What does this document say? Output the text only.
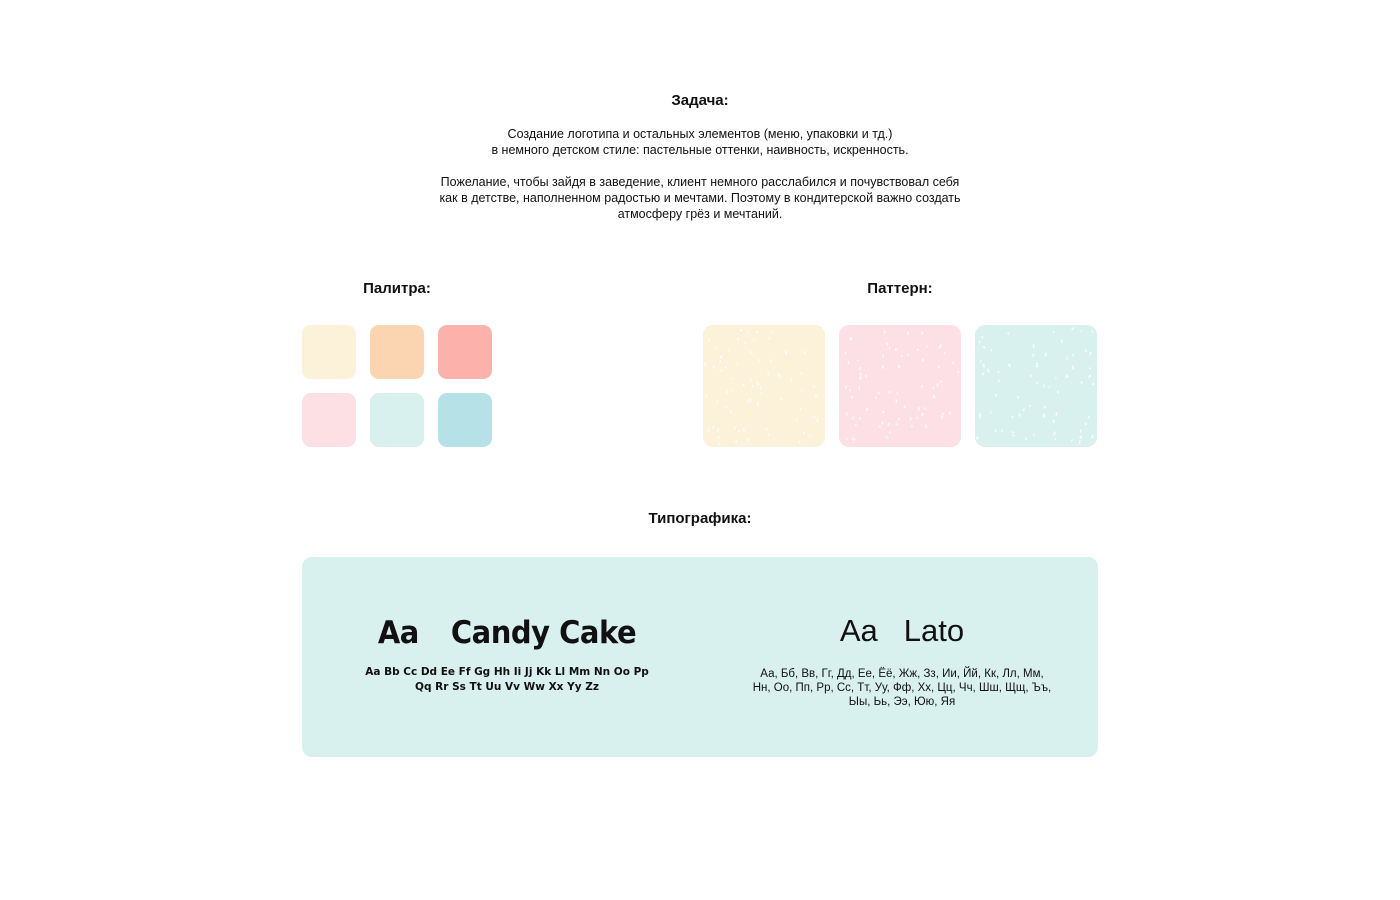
Задача:
Создание логотипа и остальных элементов (меню, упаковки и тд.)
в немного детском стиле: пастельные оттенки, наивность, искренность.
Пожелание, чтобы зайдя в заведение, клиент немного расслабился и почувствовал себя
как в детстве, наполненном радостью и мечтами. Поэтому в кондитерской важно создать
атмосферу грёз и мечтаний.
Палитра:	Паттерн:
Типографика:
Aa Candy Cake
Aa Bb Cc Dd Ee Ff Gg Hh Ii Jj Kk Ll Mm Nn Oo Pp
Qq Rr Ss Tt Uu Vv Ww Xx Yy Zz
Aa Lato
Аа, Бб, Вв, Гг, Дд, Ее, Ёё, Жж, Зз, Ии, Йй, Кк, Лл, Мм,
Нн, Оо, Пп, Рр, Сс, Тт, Уу, Фф, Хх, Цц, Чч, Шш, Щщ, Ъъ,
Ыы, Ьь, Ээ, Юю, Яя
